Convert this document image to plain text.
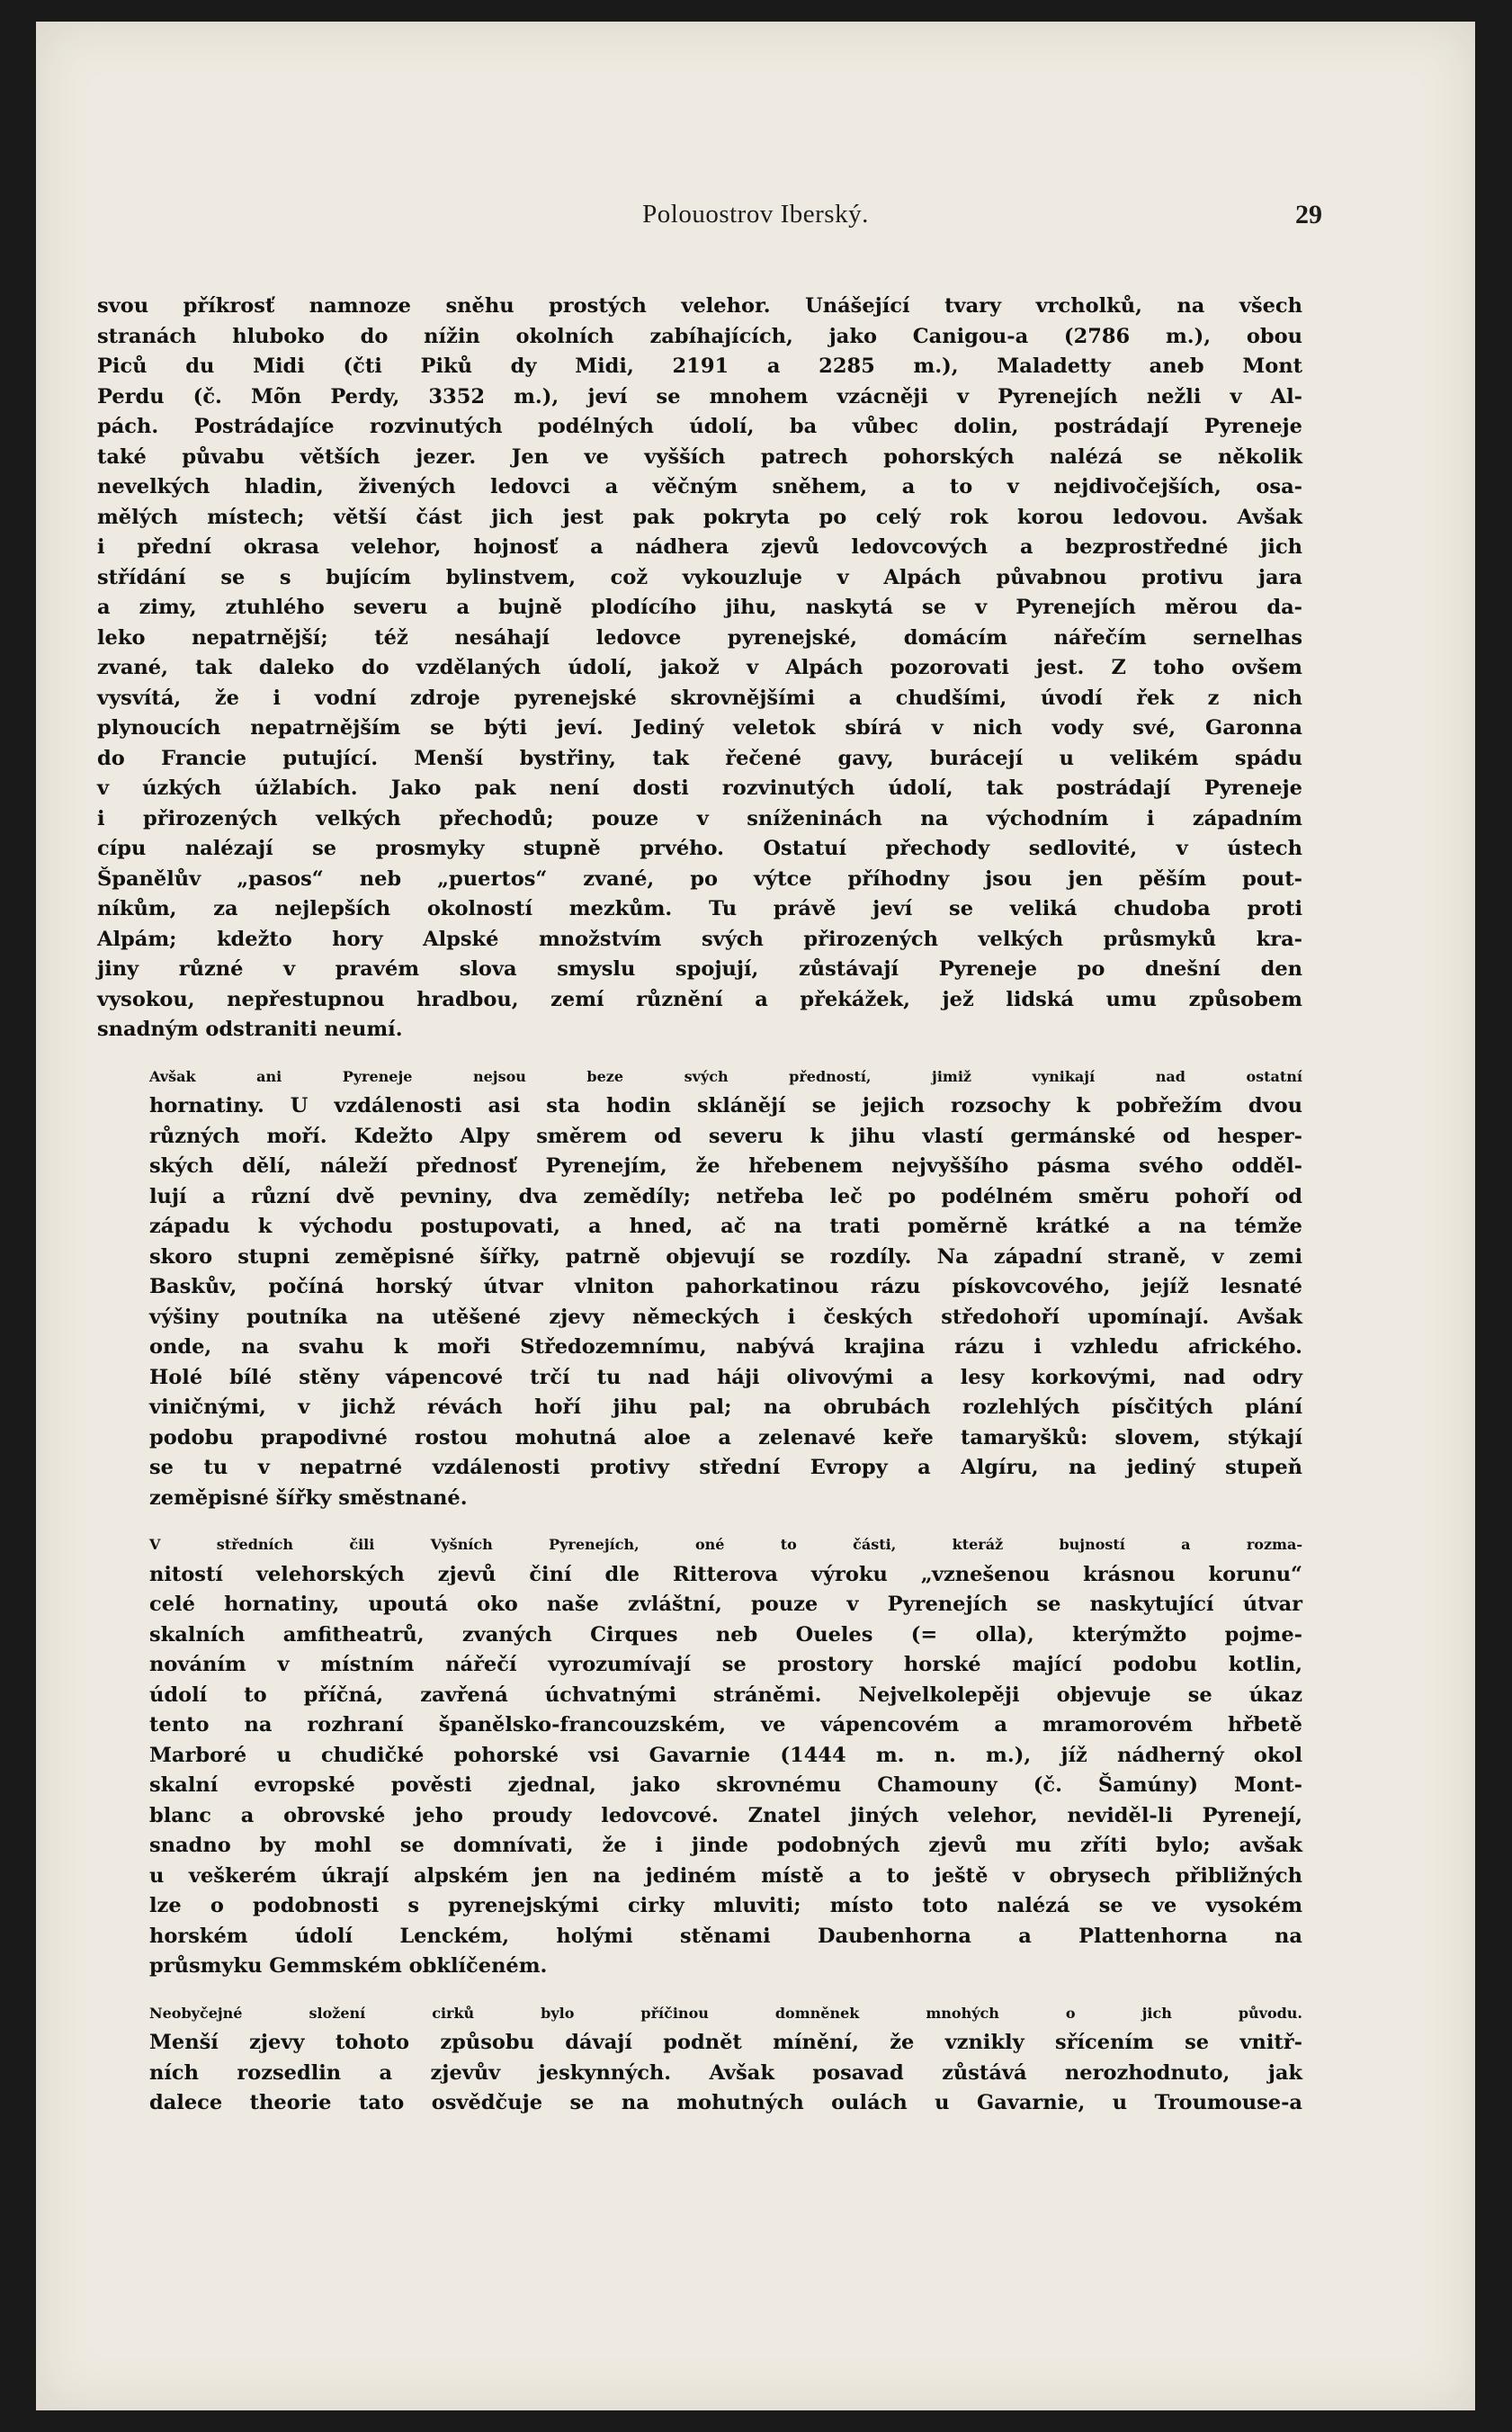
Polouostrov Iberský.	29

svou příkrosť namnoze sněhu prostých velehor. Unášející tvary vrcholků, na všech
stranách hluboko do nížin okolních zabíhajících, jako Canigou-a (2786 m.), obou
Piců du Midi (čti Piků dy Midi, 2191 a 2285 m.), Maladetty aneb Mont
Perdu (č. Mõn Perdy, 3352 m.), jeví se mnohem vzácněji v Pyrenejích nežli v Al-
pách. Postrádajíce rozvinutých podélných údolí, ba vůbec dolin, postrádají Pyreneje
také půvabu větších jezer. Jen ve vyšších patrech pohorských nalézá se několik
nevelkých hladin, živených ledovci a věčným sněhem, a to v nejdivočejších, osa-
mělých místech; větší část jich jest pak pokryta po celý rok korou ledovou. Avšak
i přední okrasa velehor, hojnosť a nádhera zjevů ledovcových a bezprostředné jich
střídání se s bujícím bylinstvem, což vykouzluje v Alpách půvabnou protivu jara
a zimy, ztuhlého severu a bujně plodícího jihu, naskytá se v Pyrenejích měrou da-
leko nepatrnější; též nesáhají ledovce pyrenejské, domácím nářečím sernelhas
zvané, tak daleko do vzdělaných údolí, jakož v Alpách pozorovati jest. Z toho ovšem
vysvítá, že i vodní zdroje pyrenejské skrovnějšími a chudšími, úvodí řek z nich
plynoucích nepatrnějším se býti jeví. Jediný veletok sbírá v nich vody své, Garonna
do Francie putující. Menší bystřiny, tak řečené gavy, burácejí u velikém spádu
v úzkých úžlabích. Jako pak není dosti rozvinutých údolí, tak postrádají Pyreneje
i přirozených velkých přechodů; pouze v sníženinách na východním i západním
cípu nalézají se prosmyky stupně prvého. Ostatuí přechody sedlovité, v ústech
Španělův „pasos“ neb „puertos“ zvané, po výtce příhodny jsou jen pěším pout-
níkům, za nejlepších okolností mezkům. Tu právě jeví se veliká chudoba proti
Alpám; kdežto hory Alpské množstvím svých přirozených velkých průsmyků kra-
jiny různé v pravém slova smyslu spojují, zůstávají Pyreneje po dnešní den
vysokou, nepřestupnou hradbou, zemí různění a překážek, jež lidská umu způsobem
snadným odstraniti neumí.

Avšak ani Pyreneje nejsou beze svých předností, jimiž vynikají nad ostatní
hornatiny. U vzdálenosti asi sta hodin sklánějí se jejich rozsochy k pobřežím dvou
různých moří. Kdežto Alpy směrem od severu k jihu vlastí germánské od hesper-
ských dělí, náleží přednosť Pyrenejím, že hřebenem nejvyššího pásma svého odděl-
lují a různí dvě pevniny, dva zemědíly; netřeba leč po podélném směru pohoří od
západu k východu postupovati, a hned, ač na trati poměrně krátké a na témže
skoro stupni zeměpisné šířky, patrně objevují se rozdíly. Na západní straně, v zemi
Baskův, počíná horský útvar vlniton pahorkatinou rázu pískovcového, jejíž lesnaté
výšiny poutníka na utěšené zjevy německých i českých středohoří upomínají. Avšak
onde, na svahu k moři Středozemnímu, nabývá krajina rázu i vzhledu afrického.
Holé bílé stěny vápencové trčí tu nad háji olivovými a lesy korkovými, nad odry
viničnými, v jichž révách hoří jihu pal; na obrubách rozlehlých písčitých plání
podobu prapodivné rostou mohutná aloe a zelenavé keře tamaryšků: slovem, stýkají
se tu v nepatrné vzdálenosti protivy střední Evropy a Algíru, na jediný stupeň
zeměpisné šířky směstnané.

V středních čili Vyšních Pyrenejích, oné to části, kteráž bujností a rozma-
nitostí velehorských zjevů činí dle Ritterova výroku „vznešenou krásnou korunu“
celé hornatiny, upoutá oko naše zvláštní, pouze v Pyrenejích se naskytující útvar
skalních amfitheatrů, zvaných Cirques neb Oueles (= olla), kterýmžto pojme-
nováním v místním nářečí vyrozumívají se prostory horské mající podobu kotlin,
údolí to příčná, zavřená úchvatnými stráněmi. Nejvelkolepěji objevuje se úkaz
tento na rozhraní španělsko-francouzském, ve vápencovém a mramorovém hřbetě
Marboré u chudičké pohorské vsi Gavarnie (1444 m. n. m.), jíž nádherný okol
skalní evropské pověsti zjednal, jako skrovnému Chamouny (č. Šamúny) Mont-
blanc a obrovské jeho proudy ledovcové. Znatel jiných velehor, neviděl-li Pyrenejí,
snadno by mohl se domnívati, že i jinde podobných zjevů mu zříti bylo; avšak
u veškerém úkrají alpském jen na jediném místě a to ještě v obrysech přibližných
lze o podobnosti s pyrenejskými cirky mluviti; místo toto nalézá se ve vysokém
horském údolí Lenckém, holými stěnami Daubenhorna a Plattenhorna na
průsmyku Gemmském obklíčeném.

Neobyčejné složení cirků bylo příčinou domněnek mnohých o jich původu.
Menší zjevy tohoto způsobu dávají podnět mínění, že vznikly sřícením se vnitř-
ních rozsedlin a zjevův jeskynných. Avšak posavad zůstává nerozhodnuto, jak
dalece theorie tato osvědčuje se na mohutných oulách u Gavarnie, u Troumouse-a
